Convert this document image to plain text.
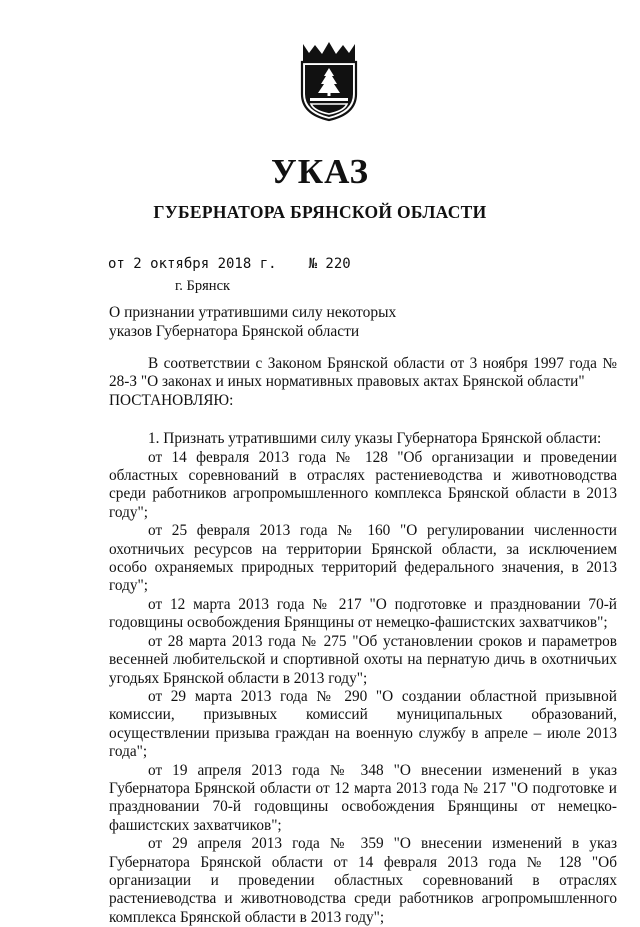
УКАЗ
ГУБЕРНАТОРА БРЯНСКОЙ ОБЛАСТИ
от 2 октября 2018 г. № 220
г. Брянск
О признании утратившими силу некоторых
указов Губернатора Брянской области

В соответствии с Законом Брянской области от 3 ноября 1997 года № 28-З "О законах и иных нормативных правовых актах Брянской области"

ПОСТАНОВЛЯЮ:

1. Признать утратившими силу указы Губернатора Брянской области:

от 14 февраля 2013 года № 128 "Об организации и проведении областных соревнований в отраслях растениеводства и животноводства среди работников агропромышленного комплекса Брянской области в 2013 году";

от 25 февраля 2013 года № 160 "О регулировании численности охотничьих ресурсов на территории Брянской области, за исключением особо охраняемых природных территорий федерального значения, в 2013 году";

от 12 марта 2013 года № 217 "О подготовке и праздновании 70-й годовщины освобождения Брянщины от немецко-фашистских захватчиков";

от 28 марта 2013 года № 275 "Об установлении сроков и параметров весенней любительской и спортивной охоты на пернатую дичь в охотничьих угодьях Брянской области в 2013 году";

от 29 марта 2013 года № 290 "О создании областной призывной комиссии, призывных комиссий муниципальных образований, осуществлении призыва граждан на военную службу в апреле – июле 2013 года";

от 19 апреля 2013 года № 348 "О внесении изменений в указ Губернатора Брянской области от 12 марта 2013 года № 217 "О подготовке и праздновании 70-й годовщины освобождения Брянщины от немецко-фашистских захватчиков";

от 29 апреля 2013 года № 359 "О внесении изменений в указ Губернатора Брянской области от 14 февраля 2013 года № 128 "Об организации и проведении областных соревнований в отраслях растениеводства и животноводства среди работников агропромышленного комплекса Брянской области в 2013 году";
